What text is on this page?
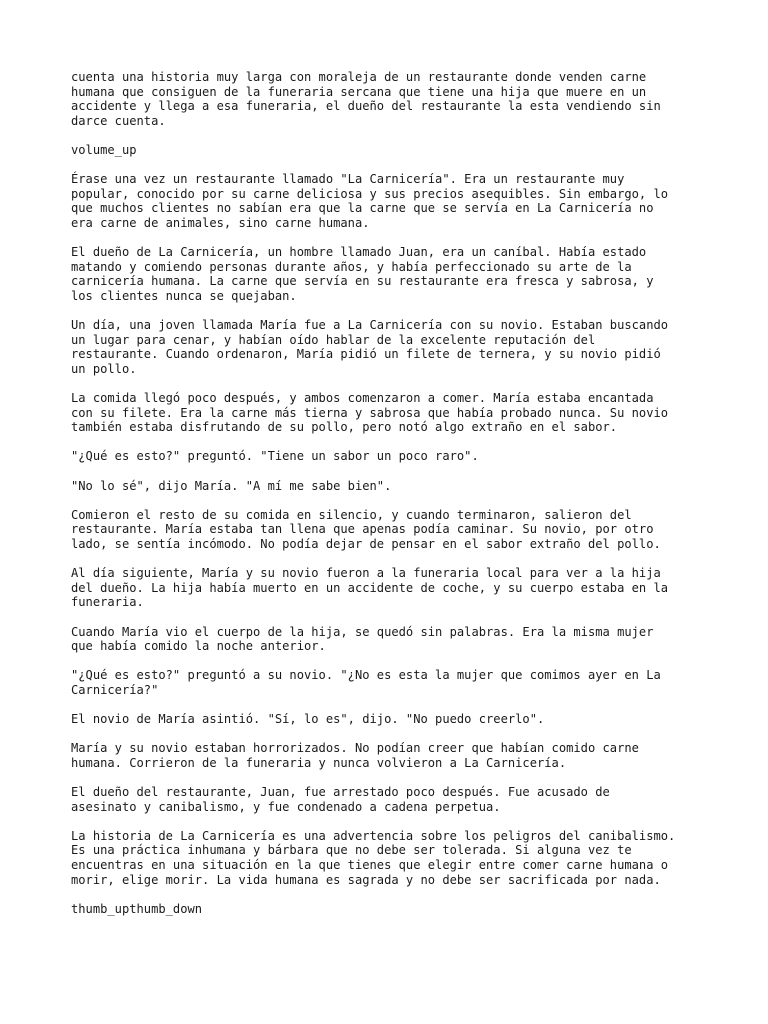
cuenta una historia muy larga con moraleja de un restaurante donde venden carne
humana que consiguen de la funeraria sercana que tiene una hija que muere en un
accidente y llega a esa funeraria, el dueño del restaurante la esta vendiendo sin
darce cuenta.

volume_up

Érase una vez un restaurante llamado "La Carnicería". Era un restaurante muy
popular, conocido por su carne deliciosa y sus precios asequibles. Sin embargo, lo
que muchos clientes no sabían era que la carne que se servía en La Carnicería no
era carne de animales, sino carne humana.

El dueño de La Carnicería, un hombre llamado Juan, era un caníbal. Había estado
matando y comiendo personas durante años, y había perfeccionado su arte de la
carnicería humana. La carne que servía en su restaurante era fresca y sabrosa, y
los clientes nunca se quejaban.

Un día, una joven llamada María fue a La Carnicería con su novio. Estaban buscando
un lugar para cenar, y habían oído hablar de la excelente reputación del
restaurante. Cuando ordenaron, María pidió un filete de ternera, y su novio pidió
un pollo.

La comida llegó poco después, y ambos comenzaron a comer. María estaba encantada
con su filete. Era la carne más tierna y sabrosa que había probado nunca. Su novio
también estaba disfrutando de su pollo, pero notó algo extraño en el sabor.

"¿Qué es esto?" preguntó. "Tiene un sabor un poco raro".

"No lo sé", dijo María. "A mí me sabe bien".

Comieron el resto de su comida en silencio, y cuando terminaron, salieron del
restaurante. María estaba tan llena que apenas podía caminar. Su novio, por otro
lado, se sentía incómodo. No podía dejar de pensar en el sabor extraño del pollo.

Al día siguiente, María y su novio fueron a la funeraria local para ver a la hija
del dueño. La hija había muerto en un accidente de coche, y su cuerpo estaba en la
funeraria.

Cuando María vio el cuerpo de la hija, se quedó sin palabras. Era la misma mujer
que había comido la noche anterior.

"¿Qué es esto?" preguntó a su novio. "¿No es esta la mujer que comimos ayer en La
Carnicería?"

El novio de María asintió. "Sí, lo es", dijo. "No puedo creerlo".

María y su novio estaban horrorizados. No podían creer que habían comido carne
humana. Corrieron de la funeraria y nunca volvieron a La Carnicería.

El dueño del restaurante, Juan, fue arrestado poco después. Fue acusado de
asesinato y canibalismo, y fue condenado a cadena perpetua.

La historia de La Carnicería es una advertencia sobre los peligros del canibalismo.
Es una práctica inhumana y bárbara que no debe ser tolerada. Si alguna vez te
encuentras en una situación en la que tienes que elegir entre comer carne humana o
morir, elige morir. La vida humana es sagrada y no debe ser sacrificada por nada.

thumb_upthumb_down
